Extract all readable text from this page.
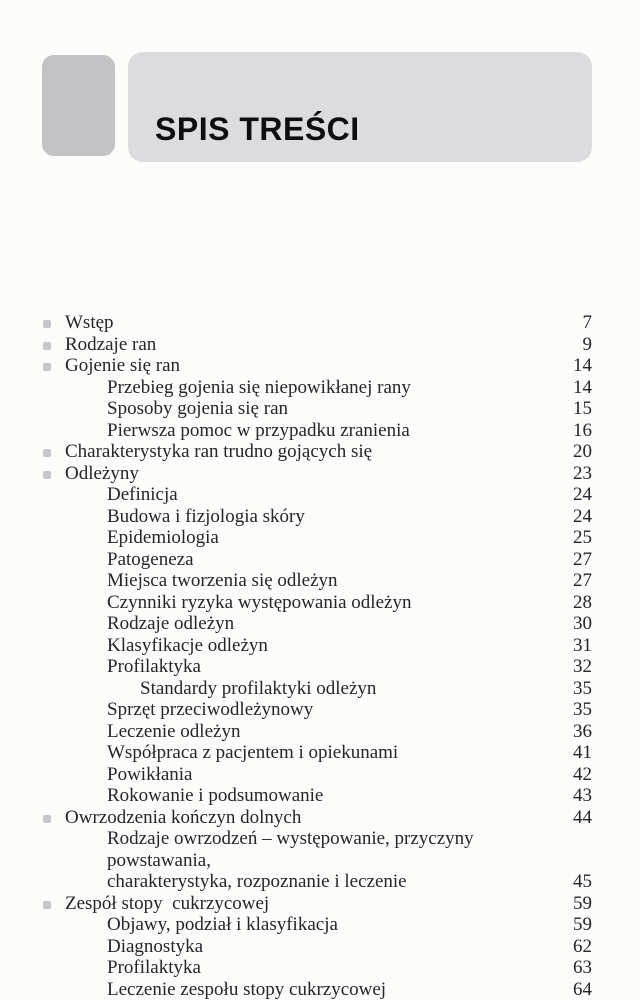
SPIS TREŚCI
Wstęp	7
Rodzaje ran	9
Gojenie się ran	14
Przebieg gojenia się niepowikłanej rany	14
Sposoby gojenia się ran	15
Pierwsza pomoc w przypadku zranienia	16
Charakterystyka ran trudno gojących się	20
Odleżyny	23
Definicja	24
Budowa i fizjologia skóry	24
Epidemiologia	25
Patogeneza	27
Miejsca tworzenia się odleżyn	27
Czynniki ryzyka występowania odleżyn	28
Rodzaje odleżyn	30
Klasyfikacje odleżyn	31
Profilaktyka	32
Standardy profilaktyki odleżyn	35
Sprzęt przeciwodleżynowy	35
Leczenie odleżyn	36
Współpraca z pacjentem i opiekunami	41
Powikłania	42
Rokowanie i podsumowanie	43
Owrzodzenia kończyn dolnych	44
Rodzaje owrzodzeń – występowanie, przyczyny powstawania,
charakterystyka, rozpoznanie i leczenie	45
Zespół stopy  cukrzycowej	59
Objawy, podział i klasyfikacja	59
Diagnostyka	62
Profilaktyka	63
Leczenie zespołu stopy cukrzycowej	64
